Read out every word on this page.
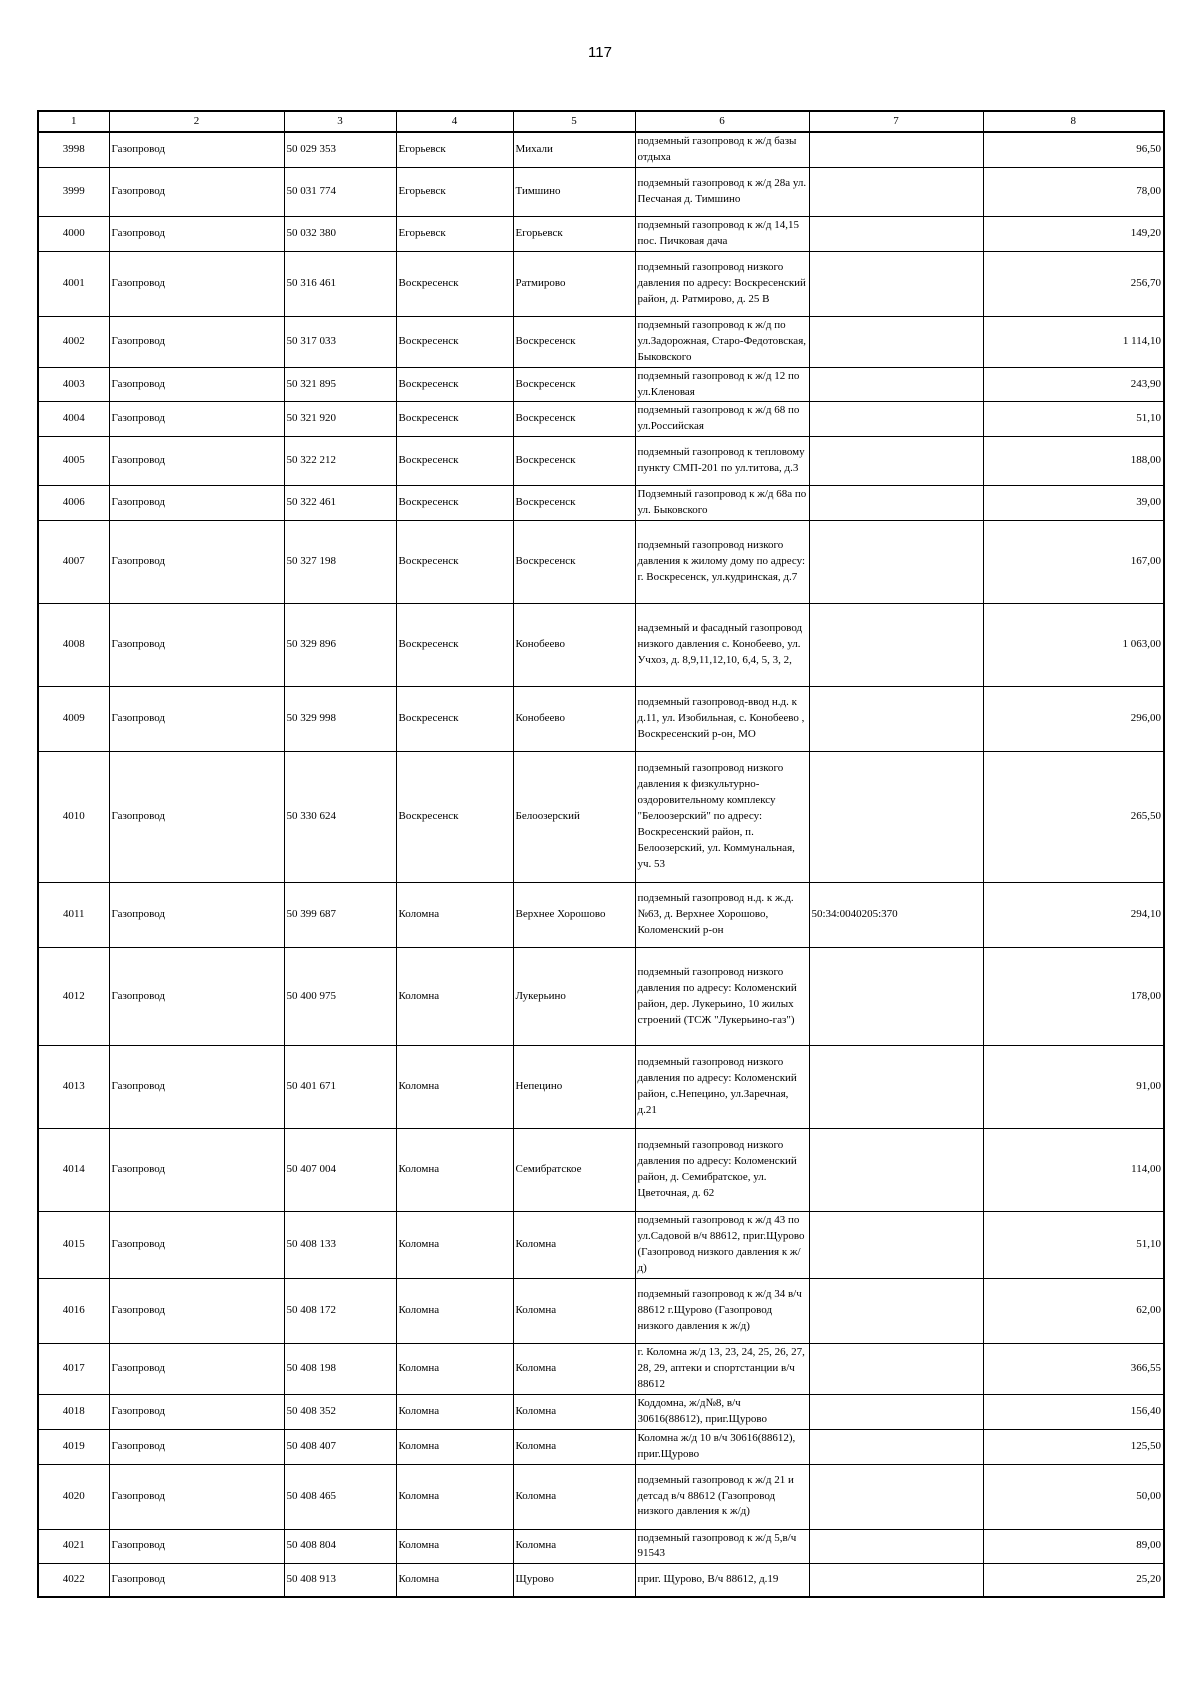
117
1	2	3	4	5	6	7	8
3998	Газопровод	50 029 353	Егорьевск	Михали	подземный газопровод к ж/д базы отдыха		96,50
3999	Газопровод	50 031 774	Егорьевск	Тимшино	подземный газопровод к ж/д 28а ул. Песчаная д. Тимшино		78,00
4000	Газопровод	50 032 380	Егорьевск	Егорьевск	подземный газопровод к ж/д 14,15 пос. Пичковая дача		149,20
4001	Газопровод	50 316 461	Воскресенск	Ратмирово	подземный газопровод низкого давления по адресу: Воскресенский район, д. Ратмирово, д. 25 В		256,70
4002	Газопровод	50 317 033	Воскресенск	Воскресенск	подземный газопровод к ж/д по ул.Задорожная, Старо-Федотовская, Быковского		1 114,10
4003	Газопровод	50 321 895	Воскресенск	Воскресенск	подземный газопровод к ж/д 12 по ул.Кленовая		243,90
4004	Газопровод	50 321 920	Воскресенск	Воскресенск	подземный газопровод к ж/д 68 по ул.Российская		51,10
4005	Газопровод	50 322 212	Воскресенск	Воскресенск	подземный газопровод к тепловому пункту СМП-201 по ул.титова, д.3		188,00
4006	Газопровод	50 322 461	Воскресенск	Воскресенск	Подземный газопровод к ж/д 68а по ул. Быковского		39,00
4007	Газопровод	50 327 198	Воскресенск	Воскресенск	подземный газопровод низкого давления к жилому дому по адресу: г. Воскресенск, ул.кудринская, д.7		167,00
4008	Газопровод	50 329 896	Воскресенск	Конобеево	надземный и фасадный газопровод низкого давления с. Конобеево, ул. Учхоз, д. 8,9,11,12,10, 6,4, 5, 3, 2,		1 063,00
4009	Газопровод	50 329 998	Воскресенск	Конобеево	подземный газопровод-ввод н.д. к д.11, ул. Изобильная, с. Конобеево , Воскресенский р-он, МО		296,00
4010	Газопровод	50 330 624	Воскресенск	Белоозерский	подземный газопровод низкого давления к физкультурно-оздоровительному комплексу "Белоозерский" по адресу: Воскресенский район, п. Белоозерский, ул. Коммунальная, уч. 53		265,50
4011	Газопровод	50 399 687	Коломна	Верхнее Хорошово	подземный газопровод н.д. к ж.д. №63, д. Верхнее Хорошово, Коломенский р-он	50:34:0040205:370	294,10
4012	Газопровод	50 400 975	Коломна	Лукерьино	подземный газопровод низкого давления по адресу: Коломенский район, дер. Лукерьино, 10 жилых строений (ТСЖ "Лукерьино-газ")		178,00
4013	Газопровод	50 401 671	Коломна	Непецино	подземный газопровод низкого давления по адресу: Коломенский район, с.Непецино, ул.Заречная, д.21		91,00
4014	Газопровод	50 407 004	Коломна	Семибратское	подземный газопровод низкого давления по адресу: Коломенский район, д. Семибратское, ул. Цветочная, д. 62		114,00
4015	Газопровод	50 408 133	Коломна	Коломна	подземный газопровод к ж/д 43 по ул.Садовой в/ч 88612, приг.Щурово (Газопровод низкого давления к ж/д)		51,10
4016	Газопровод	50 408 172	Коломна	Коломна	подземный газопровод к ж/д 34 в/ч 88612 г.Щурово (Газопровод низкого давления к ж/д)		62,00
4017	Газопровод	50 408 198	Коломна	Коломна	г. Коломна ж/д 13, 23, 24, 25, 26, 27, 28, 29, аптеки и спортстанции в/ч 88612		366,55
4018	Газопровод	50 408 352	Коломна	Коломна	Коддомна, ж/д№8, в/ч 30616(88612), приг.Щурово		156,40
4019	Газопровод	50 408 407	Коломна	Коломна	Коломна ж/д 10 в/ч 30616(88612), приг.Щурово		125,50
4020	Газопровод	50 408 465	Коломна	Коломна	подземный газопровод к ж/д 21 и детсад в/ч 88612 (Газопровод низкого давления к ж/д)		50,00
4021	Газопровод	50 408 804	Коломна	Коломна	подземный газопровод к ж/д 5,в/ч 91543		89,00
4022	Газопровод	50 408 913	Коломна	Щурово	приг. Щурово, В/ч 88612, д.19		25,20
